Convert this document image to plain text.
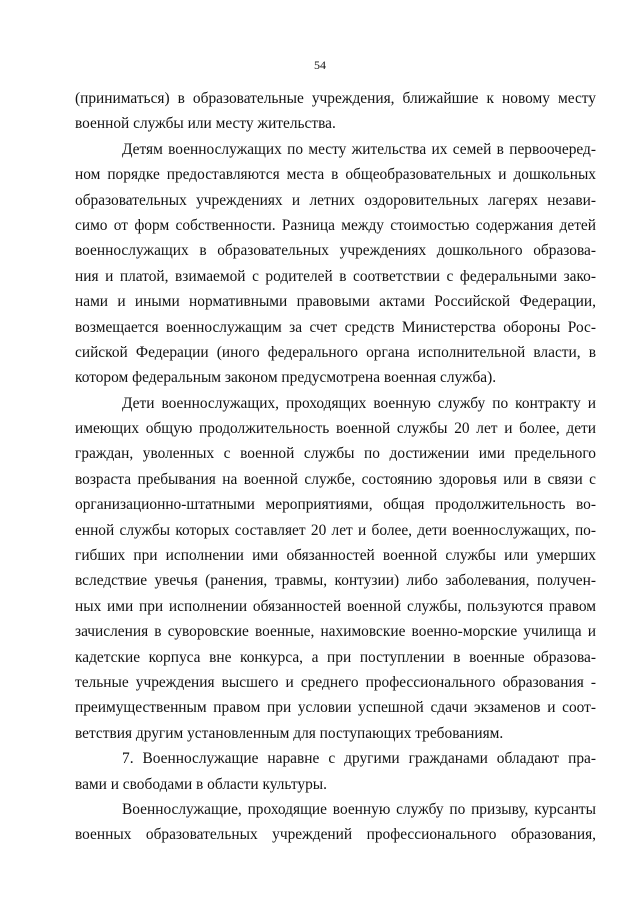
54
(приниматься) в образовательные учреждения, ближайшие к новому месту
военной службы или месту жительства.
Детям военнослужащих по месту жительства их семей в первоочеред-
ном порядке предоставляются места в общеобразовательных и дошкольных
образовательных учреждениях и летних оздоровительных лагерях незави-
симо от форм собственности. Разница между стоимостью содержания детей
военнослужащих в образовательных учреждениях дошкольного образова-
ния и платой, взимаемой с родителей в соответствии с федеральными зако-
нами и иными нормативными правовыми актами Российской Федерации,
возмещается военнослужащим за счет средств Министерства обороны Рос-
сийской Федерации (иного федерального органа исполнительной власти, в
котором федеральным законом предусмотрена военная служба).
Дети военнослужащих, проходящих военную службу по контракту и
имеющих общую продолжительность военной службы 20 лет и более, дети
граждан, уволенных с военной службы по достижении ими предельного
возраста пребывания на военной службе, состоянию здоровья или в связи с
организационно-штатными мероприятиями, общая продолжительность во-
енной службы которых составляет 20 лет и более, дети военнослужащих, по-
гибших при исполнении ими обязанностей военной службы или умерших
вследствие увечья (ранения, травмы, контузии) либо заболевания, получен-
ных ими при исполнении обязанностей военной службы, пользуются правом
зачисления в суворовские военные, нахимовские военно-морские училища и
кадетские корпуса вне конкурса, а при поступлении в военные образова-
тельные учреждения высшего и среднего профессионального образования -
преимущественным правом при условии успешной сдачи экзаменов и соот-
ветствия другим установленным для поступающих требованиям.
7. Военнослужащие наравне с другими гражданами обладают пра-
вами и свободами в области культуры.
Военнослужащие, проходящие военную службу по призыву, курсанты
военных образовательных учреждений профессионального образования,
